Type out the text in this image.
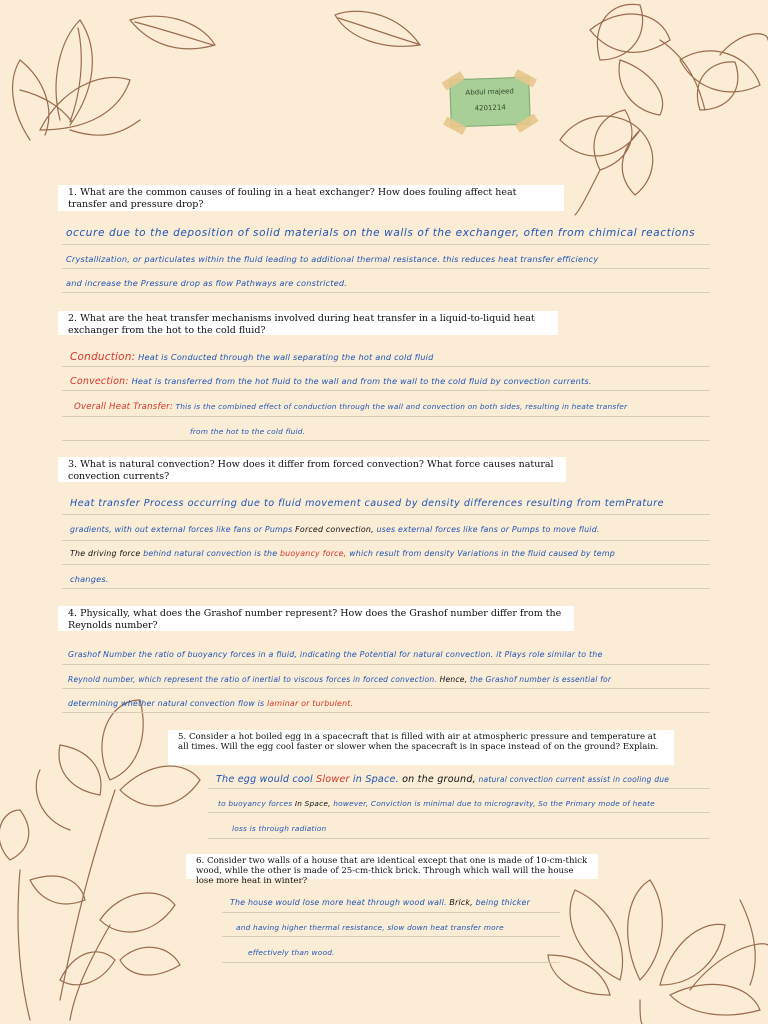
Abdul majeed
4201214
1. What are the common causes of fouling in a heat exchanger? How does fouling affect heat transfer and pressure drop?
occure due to the deposition of solid materials on the walls of the exchanger, often from chimical reactions
Crystallization, or particulates within the fluid leading to additional thermal resistance. this reduces heat transfer efficiency
and increase the Pressure drop as flow Pathways are constricted.
2. What are the heat transfer mechanisms involved during heat transfer in a liquid-to-liquid heat exchanger from the hot to the cold fluid?
Conduction: Heat is Conducted through the wall separating the hot and cold fluid
Convection: Heat is transferred from the hot fluid to the wall and from the wall to the cold fluid by convection currents.
Overall Heat Transfer: This is the combined effect of conduction through the wall and convection on both sides, resulting in heate transfer
from the hot to the cold fluid.
3. What is natural convection? How does it differ from forced convection? What force causes natural convection currents?
Heat transfer Process occurring due to fluid movement caused by density differences resulting from temPrature
gradients, with out external forces like fans or Pumps Forced convection, uses external forces like fans or Pumps to move fluid.
The driving force behind natural convection is the buoyancy force, which result from density Variations in the fluid caused by temp
changes.
4. Physically, what does the Grashof number represent? How does the Grashof number differ from the Reynolds number?
Grashof Number the ratio of buoyancy forces in a fluid, indicating the Potential for natural convection. it Plays role similar to the
Reynold number, which represent the ratio of inertial to viscous forces in forced convection. Hence, the Grashof number is essential for
determining whether natural convection flow is laminar or turbulent.
5. Consider a hot boiled egg in a spacecraft that is filled with air at atmospheric pressure and temperature at all times. Will the egg cool faster or slower when the spacecraft is in space instead of on the ground? Explain.
The egg would cool Slower in Space. on the ground, natural convection current assist in cooling due
to buoyancy forces In Space, however, Conviction is minimal due to microgravity, So the Primary mode of heate
loss is through radiation
6. Consider two walls of a house that are identical except that one is made of 10-cm-thick wood, while the other is made of 25-cm-thick brick. Through which wall will the house lose more heat in winter?
The house would lose more heat through wood wall. Brick, being thicker
and having higher thermal resistance, slow down heat transfer more
effectively than wood.
